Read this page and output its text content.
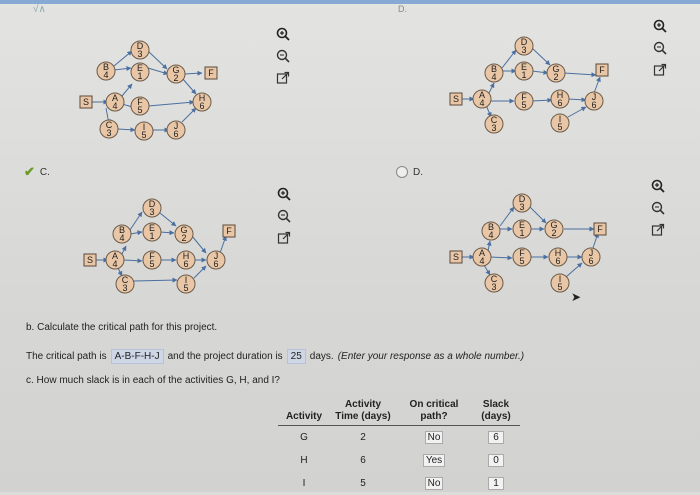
√∧	D.
S
F
B
4
A
4
C
3
D
3
E
1
F
5
I
5
G
2
H
6
J
6
S
F
B
4
A
4
C
3
D
3
E
1
F
5
G
2
H
6
I
5
J
6
✔ C.	D.
S
F
B
4
A
4
C
3
D
3
E
1
F
5
G
2
H
6
I
5
J
6
S
F
B
4
A
4
C
3
D
3
E
1
F
5
G
2
H
6
I
5
J
6
➤
b. Calculate the critical path for this project.
The critical path is A-B-F-H-J and the project duration is 25 days. (Enter your response as a whole number.)
c. How much slack is in each of the activities G, H, and I?
Activity	Activity Time (days)	On critical path?	Slack (days)
G	2	No	6
H	6	Yes	0
I	5	No	1
